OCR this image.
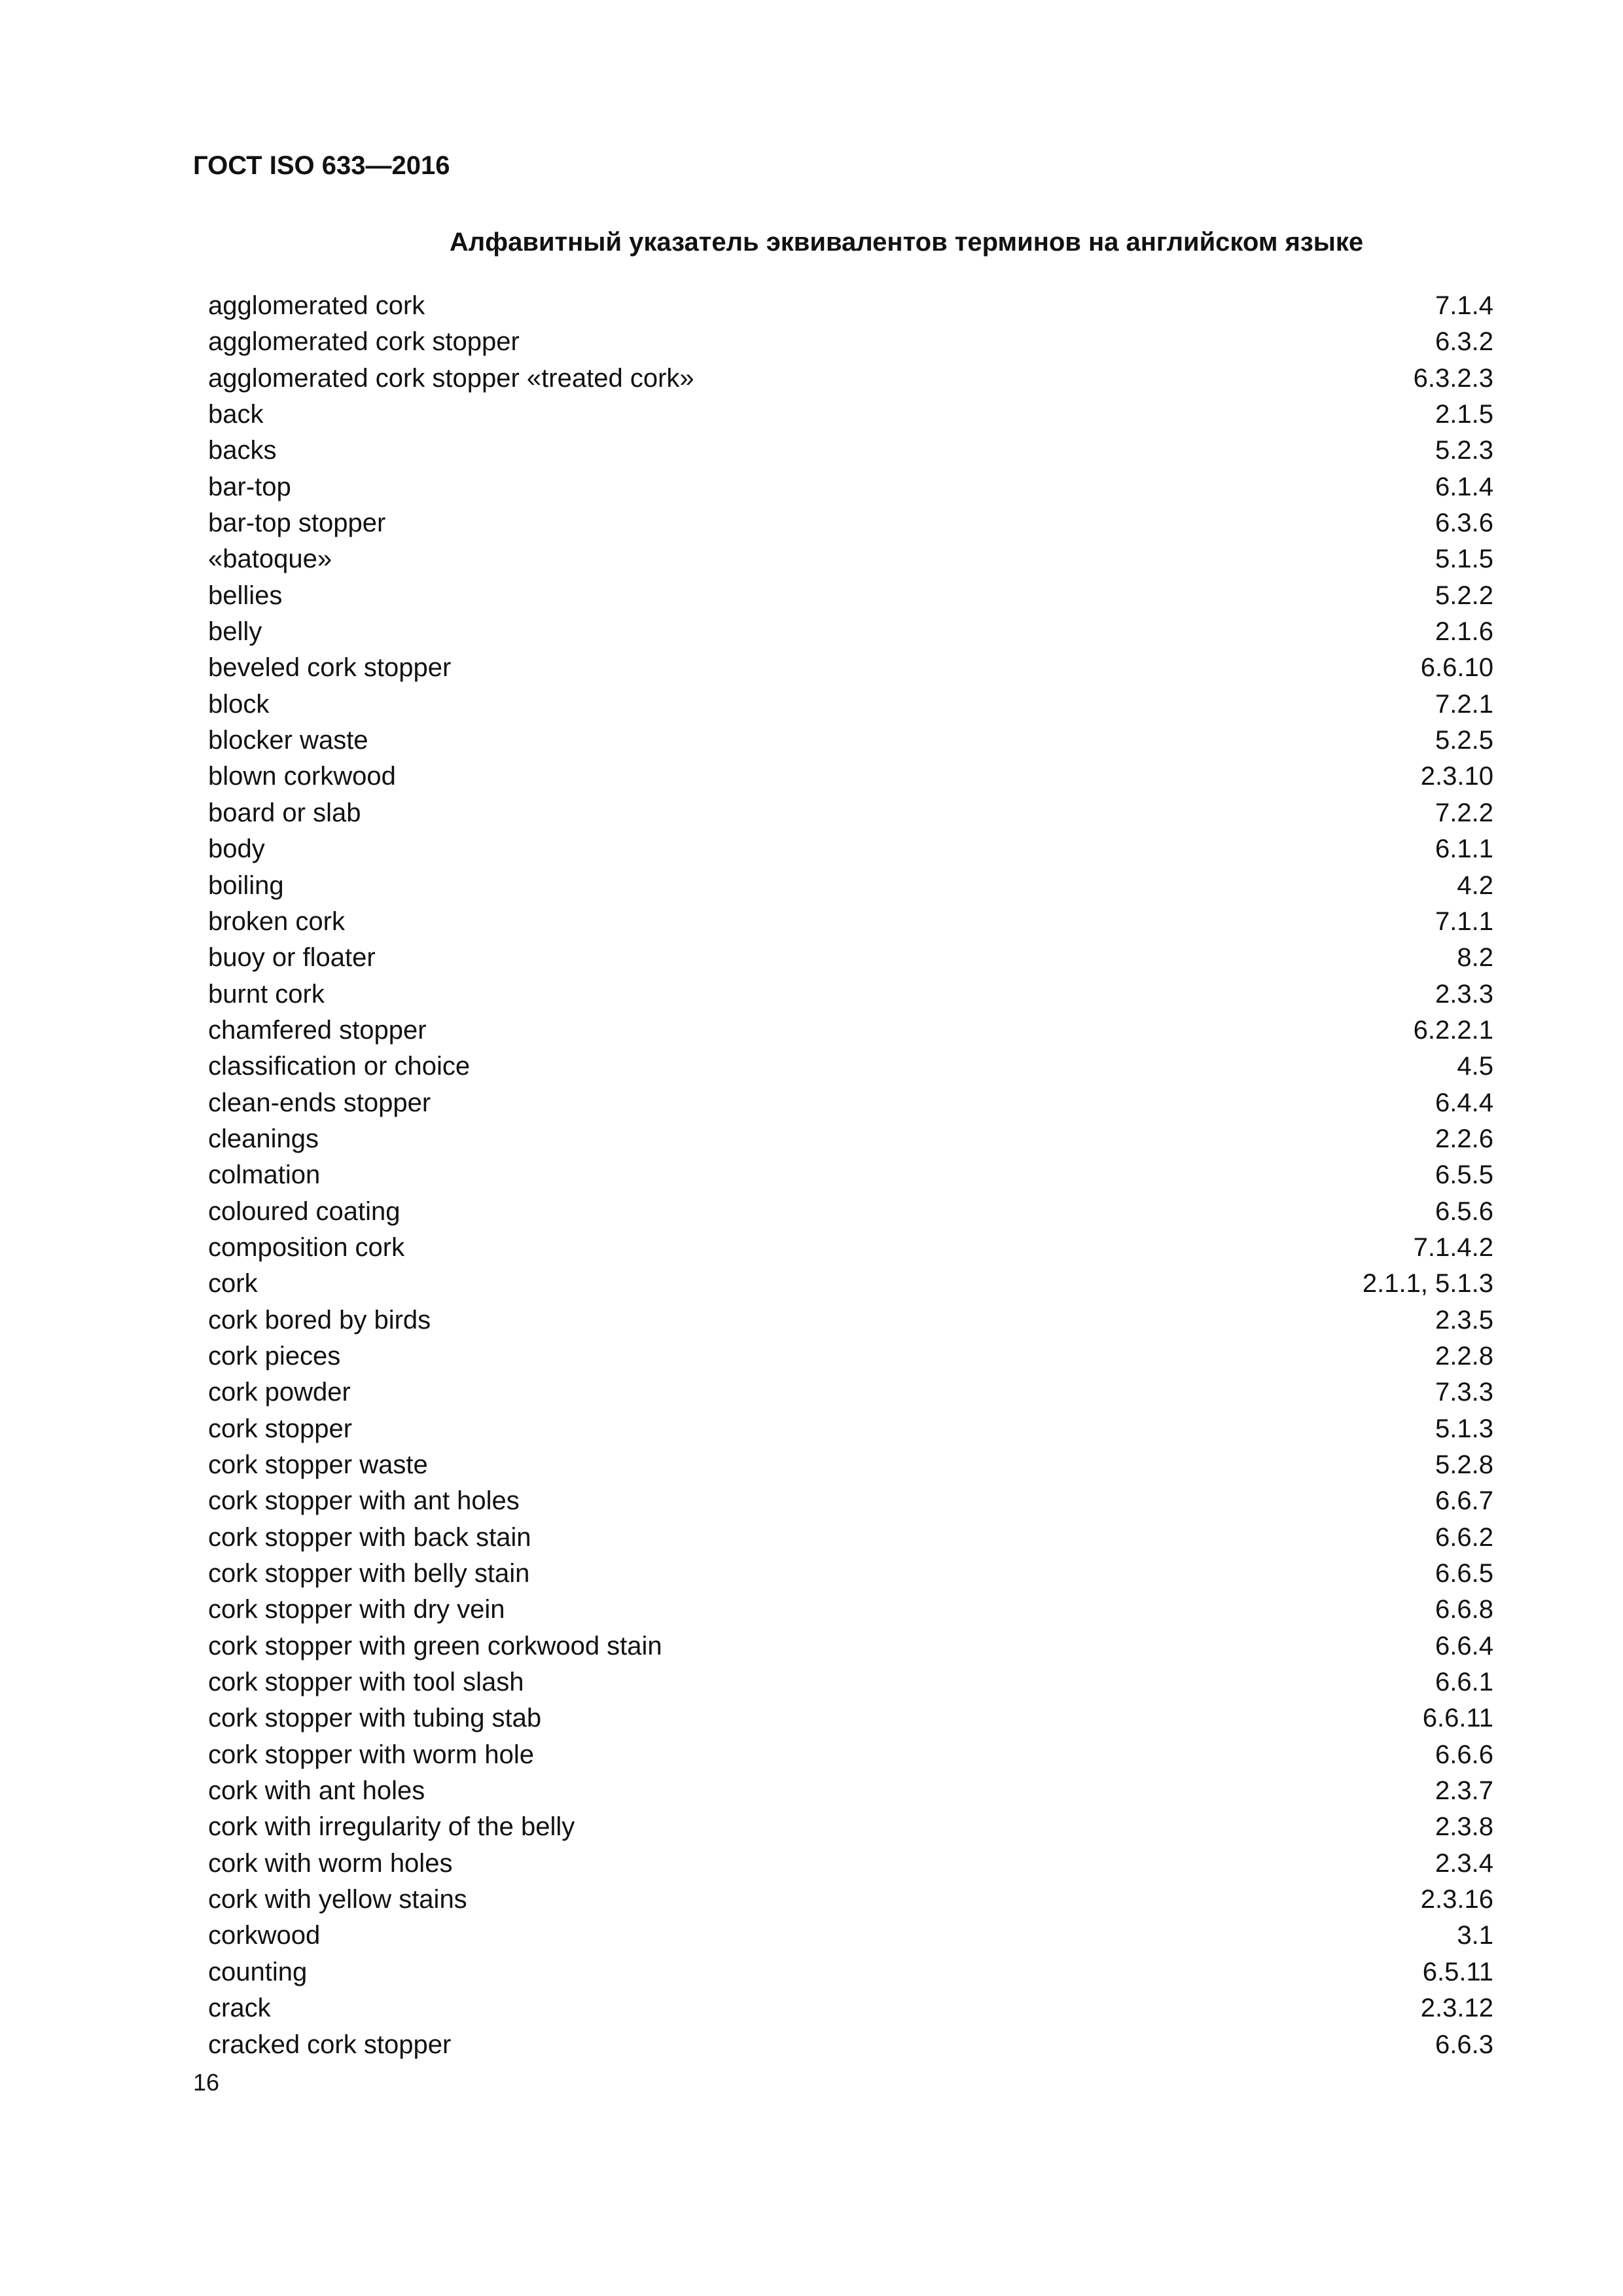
ГОСТ ISO 633—2016
Алфавитный указатель эквивалентов терминов на английском языке
agglomerated cork	7.1.4
agglomerated cork stopper	6.3.2
agglomerated cork stopper «treated cork»	6.3.2.3
back	2.1.5
backs	5.2.3
bar-top	6.1.4
bar-top stopper	6.3.6
«batoque»	5.1.5
bellies	5.2.2
belly	2.1.6
beveled cork stopper	6.6.10
block	7.2.1
blocker waste	5.2.5
blown corkwood	2.3.10
board or slab	7.2.2
body	6.1.1
boiling	4.2
broken cork	7.1.1
buoy or floater	8.2
burnt cork	2.3.3
chamfered stopper	6.2.2.1
classification or choice	4.5
clean-ends stopper	6.4.4
cleanings	2.2.6
colmation	6.5.5
coloured coating	6.5.6
composition cork	7.1.4.2
cork	2.1.1, 5.1.3
cork bored by birds	2.3.5
cork pieces	2.2.8
cork powder	7.3.3
cork stopper	5.1.3
cork stopper waste	5.2.8
cork stopper with ant holes	6.6.7
cork stopper with back stain	6.6.2
cork stopper with belly stain	6.6.5
cork stopper with dry vein	6.6.8
cork stopper with green corkwood stain	6.6.4
cork stopper with tool slash	6.6.1
cork stopper with tubing stab	6.6.11
cork stopper with worm hole	6.6.6
cork with ant holes	2.3.7
cork with irregularity of the belly	2.3.8
cork with worm holes	2.3.4
cork with yellow stains	2.3.16
corkwood	3.1
counting	6.5.11
crack	2.3.12
cracked cork stopper	6.6.3
16
